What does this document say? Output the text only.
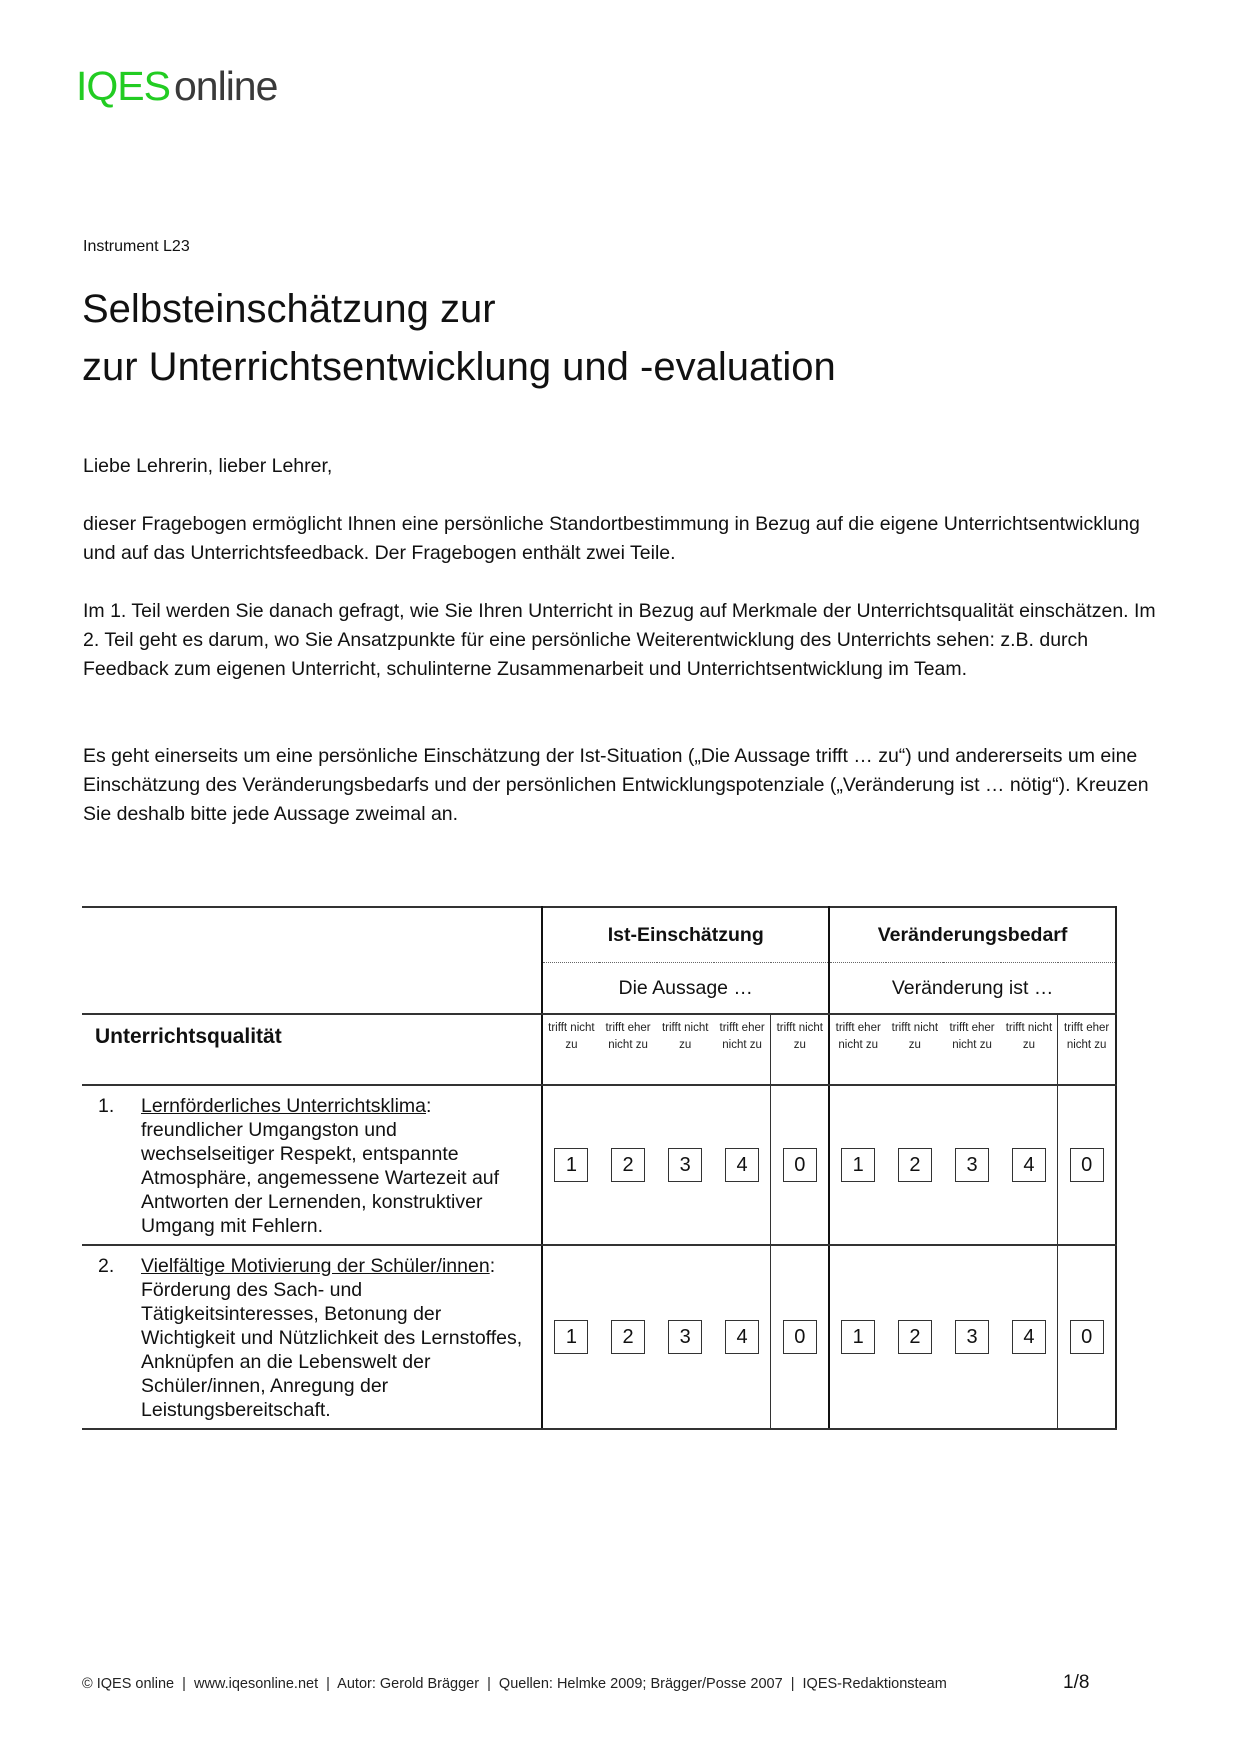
IQESonline
Instrument L23
Selbsteinschätzung zur
zur Unterrichtsentwicklung und -evaluation

Liebe Lehrerin, lieber Lehrer,

dieser Fragebogen ermöglicht Ihnen eine persönliche Standortbestimmung in Bezug auf die eigene Unterrichtsentwicklung und auf das Unterrichtsfeedback. Der Fragebogen enthält zwei Teile.

Im 1. Teil werden Sie danach gefragt, wie Sie Ihren Unterricht in Bezug auf Merkmale der Unterrichtsqualität einschätzen. Im 2. Teil geht es darum, wo Sie Ansatzpunkte für eine persönliche Weiterentwicklung des Unterrichts sehen: z.B. durch Feedback zum eigenen Unterricht, schulinterne Zusammenarbeit und Unterrichtsentwicklung im Team.

Es geht einerseits um eine persönliche Einschätzung der Ist-Situation („Die Aussage trifft … zu“) und andererseits um eine Einschätzung des Veränderungsbedarfs und der persönlichen Entwicklungspotenziale („Veränderung ist … nötig“). Kreuzen Sie deshalb bitte jede Aussage zweimal an.

	Ist-Einschätzung					Veränderungsbedarf				
	Die Aussage …					Veränderung ist …				
Unterrichtsqualität	trifft nicht zu	trifft eher nicht zu	trifft nicht zu	trifft eher nicht zu	trifft nicht zu	trifft eher nicht zu	trifft nicht zu	trifft eher nicht zu	trifft nicht zu	trifft eher nicht zu

1. Lernförderliches Unterrichtsklima:
freundlicher Umgangston und wechselseitiger Respekt, entspannte Atmosphäre, angemessene Wartezeit auf Antworten der Lernenden, konstruktiver Umgang mit Fehlern.	1	2	3	4	0	1	2	3	4	0

2. Vielfältige Motivierung der Schüler/innen:
Förderung des Sach- und Tätigkeitsinteresses, Betonung der Wichtigkeit und Nützlichkeit des Lernstoffes, Anknüpfen an die Lebenswelt der Schüler/innen, Anregung der Leistungsbereitschaft.	1	2	3	4	0	1	2	3	4	0
© IQES online  |  www.iqesonline.net  |  Autor: Gerold Brägger  |  Quellen: Helmke 2009; Brägger/Posse 2007  |  IQES-Redaktionsteam	1/8
